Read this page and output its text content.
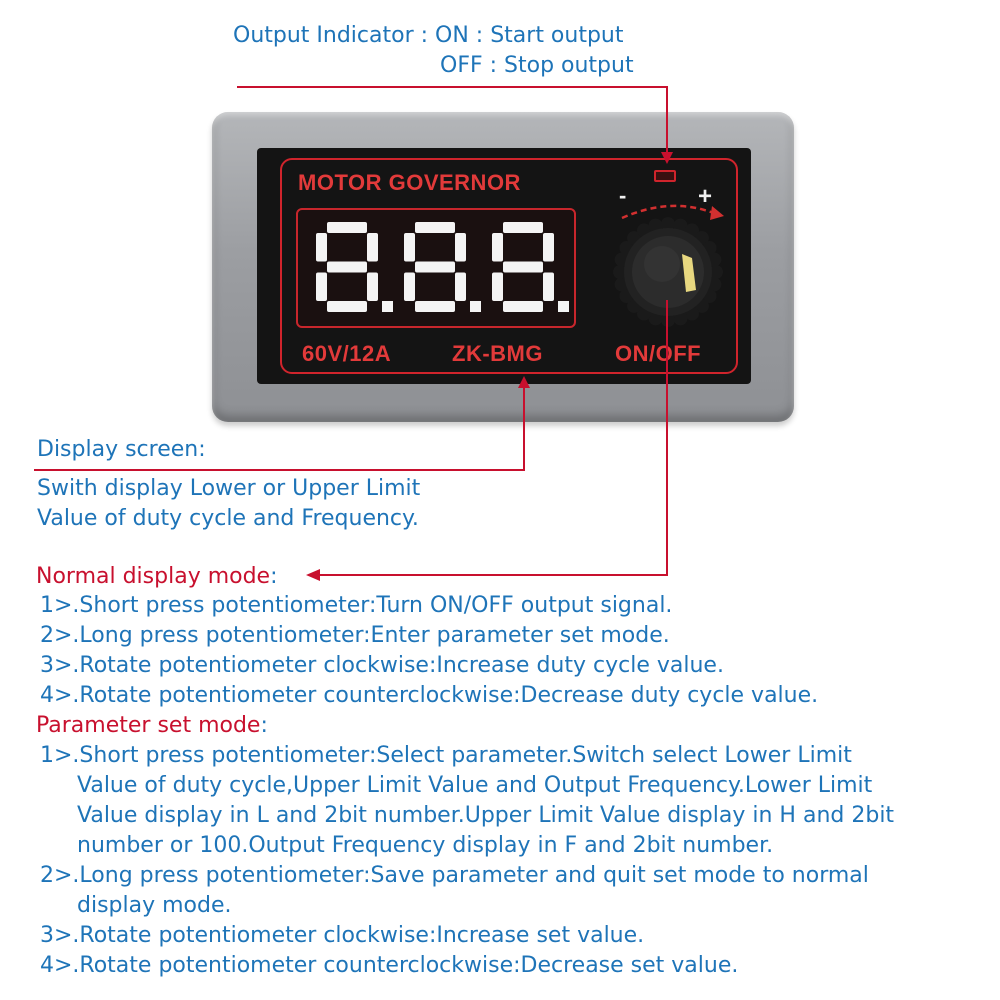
Output Indicator : ON : Start output
OFF : Stop output
MOTOR GOVERNOR
-	+
60V/12A	ZK-BMG	ON/OFF
Display screen:
Swith display Lower or Upper Limit
Value of duty cycle and Frequency.
Normal display mode:
1>.Short press potentiometer:Turn ON/OFF output signal.
2>.Long press potentiometer:Enter parameter set mode.
3>.Rotate potentiometer clockwise:Increase duty cycle value.
4>.Rotate potentiometer counterclockwise:Decrease duty cycle value.
Parameter set mode:
1>.Short press potentiometer:Select parameter.Switch select Lower Limit
Value of duty cycle,Upper Limit Value and Output Frequency.Lower Limit
Value display in L and 2bit number.Upper Limit Value display in H and 2bit
number or 100.Output Frequency display in F and 2bit number.
2>.Long press potentiometer:Save parameter and quit set mode to normal
display mode.
3>.Rotate potentiometer clockwise:Increase set value.
4>.Rotate potentiometer counterclockwise:Decrease set value.
